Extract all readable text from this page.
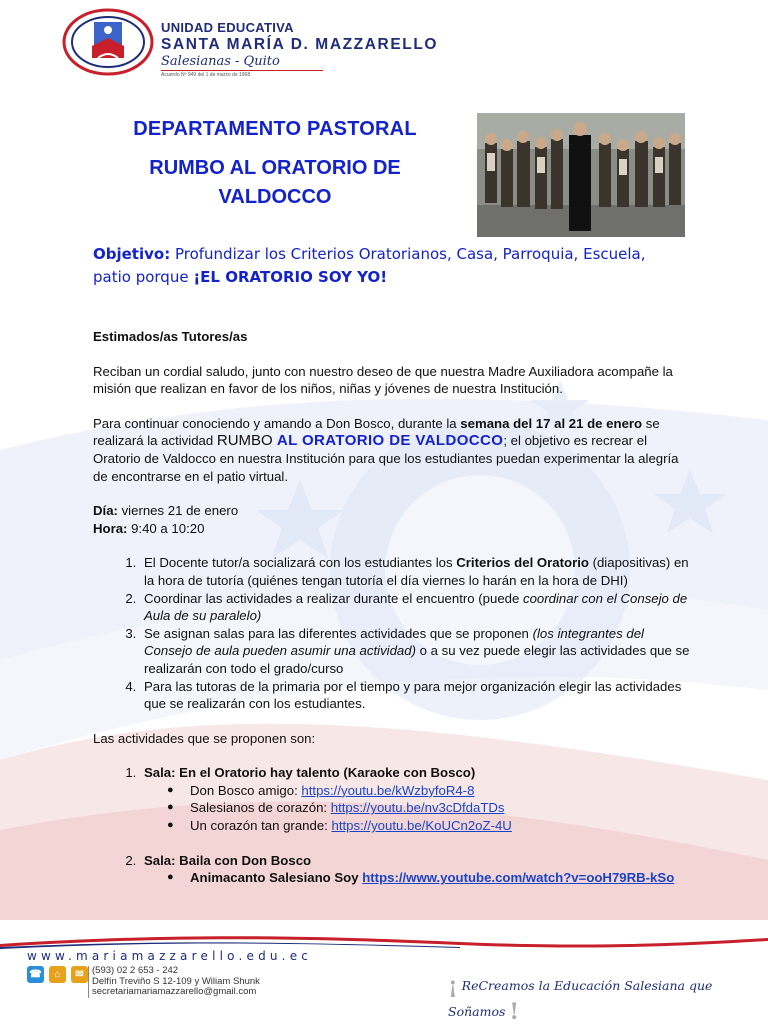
UNIDAD EDUCATIVA
SANTA MARÍA D. MAZZARELLO
Salesianas - Quito
Acuerdo Nº 949 del 1 de marzo de 1968
DEPARTAMENTO PASTORAL
RUMBO AL ORATORIO DE
VALDOCCO
Objetivo: Profundizar los Criterios Oratorianos, Casa, Parroquia, Escuela, patio porque ¡EL ORATORIO SOY YO!

Estimados/as Tutores/as

Reciban un cordial saludo, junto con nuestro deseo de que nuestra Madre Auxiliadora acompañe la misión que realizan en favor de los niños, niñas y jóvenes de nuestra Institución.

Para continuar conociendo y amando a Don Bosco, durante la semana del 17 al 21 de enero se realizará la actividad RUMBO AL ORATORIO DE VALDOCCO; el objetivo es recrear el Oratorio de Valdocco en nuestra Institución para que los estudiantes puedan experimentar la alegría de encontrarse en el patio virtual.

Día: viernes 21 de enero

Hora: 9:40 a 10:20

1. El Docente tutor/a socializará con los estudiantes los Criterios del Oratorio (diapositivas) en la hora de tutoría (quiénes tengan tutoría el día viernes lo harán en la hora de DHI)
2. Coordinar las actividades a realizar durante el encuentro (puede coordinar con el Consejo de Aula de su paralelo)
3. Se asignan salas para las diferentes actividades que se proponen (los integrantes del Consejo de aula pueden asumir una actividad) o a su vez puede elegir las actividades que se realizarán con todo el grado/curso
4. Para las tutoras de la primaria por el tiempo y para mejor organización elegir las actividades que se realizarán con los estudiantes.

Las actividades que se proponen son:

1. Sala: En el Oratorio hay talento (Karaoke con Bosco)
● Don Bosco amigo: https://youtu.be/kWzbyfoR4-8
● Salesianos de corazón: https://youtu.be/nv3cDfdaTDs
● Un corazón tan grande: https://youtu.be/KoUCn2oZ-4U
2. Sala: Baila con Don Bosco
● Animacanto Salesiano Soy https://www.youtube.com/watch?v=ooH79RB-kSo
www.mariamazzarello.edu.ec
☎	⌂	✉ (593) 02 2 653 - 242
Delfín Treviño S 12-109 y Wiliam Shunk
secretariamariamazzarello@gmail.com	¡ ReCreamos la Educación Salesiana que Soñamos !
